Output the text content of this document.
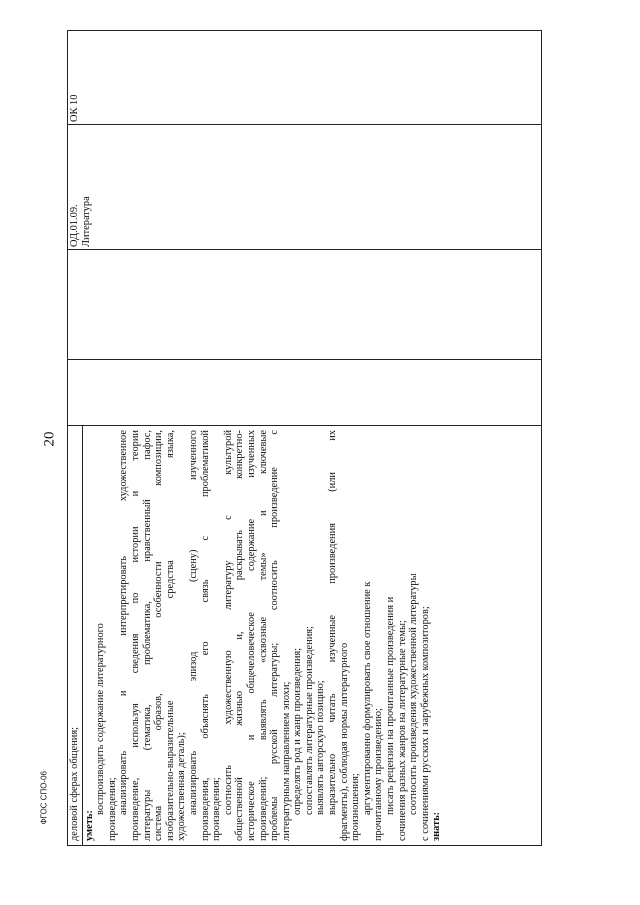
20
ФГОС СПО-06 деловой сферах общения; уметь:
воспроизводить содержание литературного произведения; анализировать и интерпретировать художественное произведение, используя сведения по истории и теории литературы (тематика, проблематика, нравственный пафос, система образов, особенности композиции, изобразительно-выразительные средства языка, художественная деталь); анализировать эпизод (сцену) изученного произведения, объяснять его связь с проблематикой произведения; соотносить художественную литературу с культурой общественной жизнью и, раскрывать конкретно- историческое и общечеловеческое содержание изученных произведений; выявлять «сквозные темы» и ключевые проблемы русской литературы; соотносить произведение с литературным направлением эпохи; определять род и жанр произведения; сопоставлять литературные произведения; выявлять авторскую позицию; выразительно читать изученные произведения (или их фрагменты), соблюдая нормы литературного произношения; аргументированно формулировать свое отношение к прочитанному произведению; писать рецензии на прочитанные произведения и сочинения разных жанров на литературные темы; соотносить произведения художественной литературы с сочинениями русских и зарубежных композиторов; знать:
ОД.01.09. Литература
ОК 10
